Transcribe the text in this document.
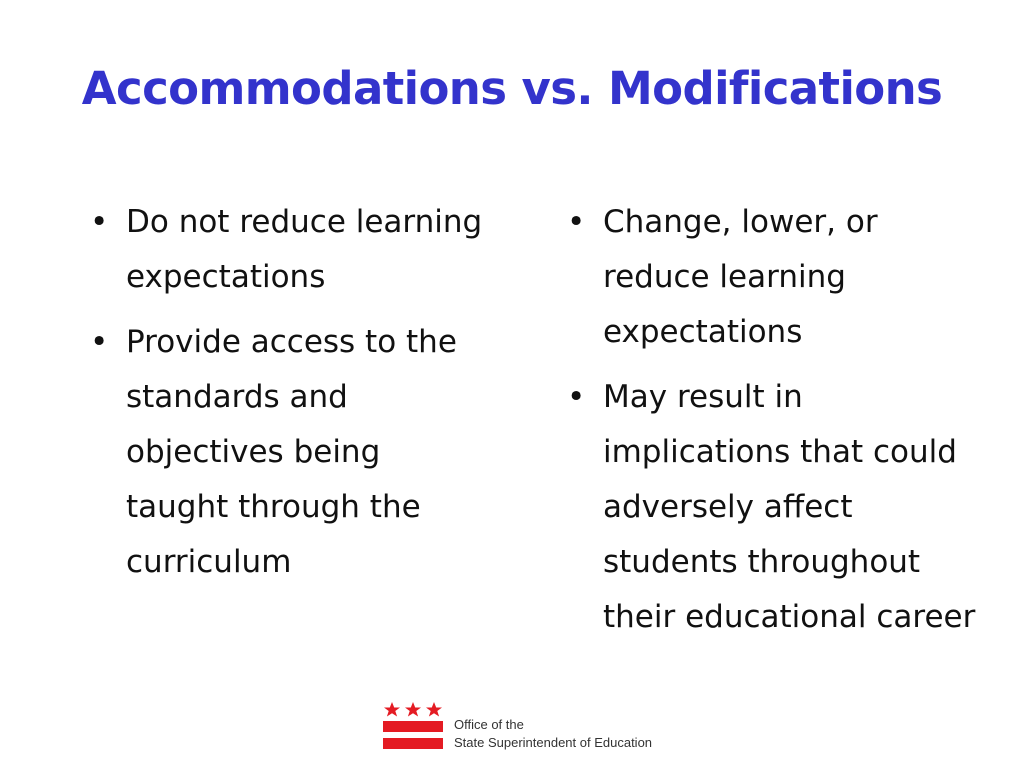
Accommodations vs. Modifications
• Do not reduce learning expectations
• Provide access to the standards and objectives being taught through the curriculum
• Change, lower, or reduce learning expectations
• May result in implications that could adversely affect students throughout their educational career
Office of the
State Superintendent of Education
